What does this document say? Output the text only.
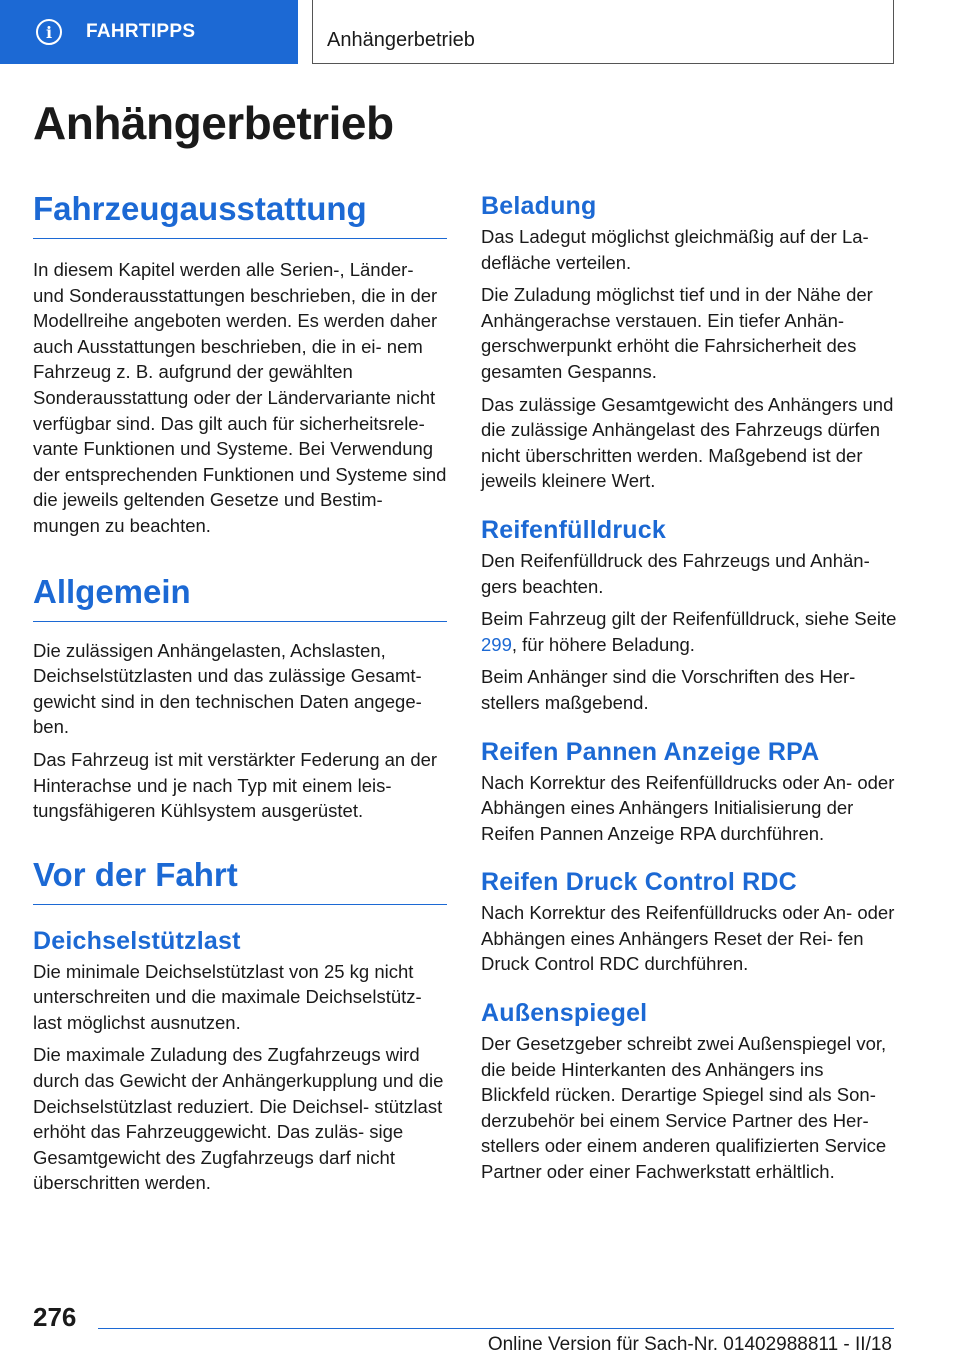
i	FAHRTIPPS	Anhängerbetrieb
Anhängerbetrieb
Fahrzeugausstattung

In diesem Kapitel werden alle Serien-, Länder- und Sonderausstattungen beschrieben, die in der Modellreihe angeboten werden. Es werden daher auch Ausstattungen beschrieben, die in ei- nem Fahrzeug z. B. aufgrund der gewählten Sonderausstattung oder der Ländervariante nicht verfügbar sind. Das gilt auch für sicherheitsrele- vante Funktionen und Systeme. Bei Verwendung der entsprechenden Funktionen und Systeme sind die jeweils geltenden Gesetze und Bestim- mungen zu beachten.

Allgemein

Die zulässigen Anhängelasten, Achslasten, Deichselstützlasten und das zulässige Gesamt- gewicht sind in den technischen Daten angege- ben.

Das Fahrzeug ist mit verstärkter Federung an der Hinterachse und je nach Typ mit einem leis- tungsfähigeren Kühlsystem ausgerüstet.

Vor der Fahrt
Deichselstützlast

Die minimale Deichselstützlast von 25 kg nicht unterschreiten und die maximale Deichselstütz- last möglichst ausnutzen.

Die maximale Zuladung des Zugfahrzeugs wird durch das Gewicht der Anhängerkupplung und die Deichselstützlast reduziert. Die Deichsel- stützlast erhöht das Fahrzeuggewicht. Das zuläs- sige Gesamtgewicht des Zugfahrzeugs darf nicht überschritten werden.

Beladung

Das Ladegut möglichst gleichmäßig auf der La- defläche verteilen.

Die Zuladung möglichst tief und in der Nähe der Anhängerachse verstauen. Ein tiefer Anhän- gerschwerpunkt erhöht die Fahrsicherheit des gesamten Gespanns.

Das zulässige Gesamtgewicht des Anhängers und die zulässige Anhängelast des Fahrzeugs dürfen nicht überschritten werden. Maßgebend ist der jeweils kleinere Wert.

Reifenfülldruck

Den Reifenfülldruck des Fahrzeugs und Anhän- gers beachten.

Beim Fahrzeug gilt der Reifenfülldruck, siehe Seite 299, für höhere Beladung.

Beim Anhänger sind die Vorschriften des Her- stellers maßgebend.

Reifen Pannen Anzeige RPA

Nach Korrektur des Reifenfülldrucks oder An- oder Abhängen eines Anhängers Initialisierung der Reifen Pannen Anzeige RPA durchführen.

Reifen Druck Control RDC

Nach Korrektur des Reifenfülldrucks oder An- oder Abhängen eines Anhängers Reset der Rei- fen Druck Control RDC durchführen.

Außenspiegel

Der Gesetzgeber schreibt zwei Außenspiegel vor, die beide Hinterkanten des Anhängers ins Blickfeld rücken. Derartige Spiegel sind als Son- derzubehör bei einem Service Partner des Her- stellers oder einem anderen qualifizierten Service Partner oder einer Fachwerkstatt erhältlich.

276
Online Version für Sach-Nr. 01402988811 - II/18
